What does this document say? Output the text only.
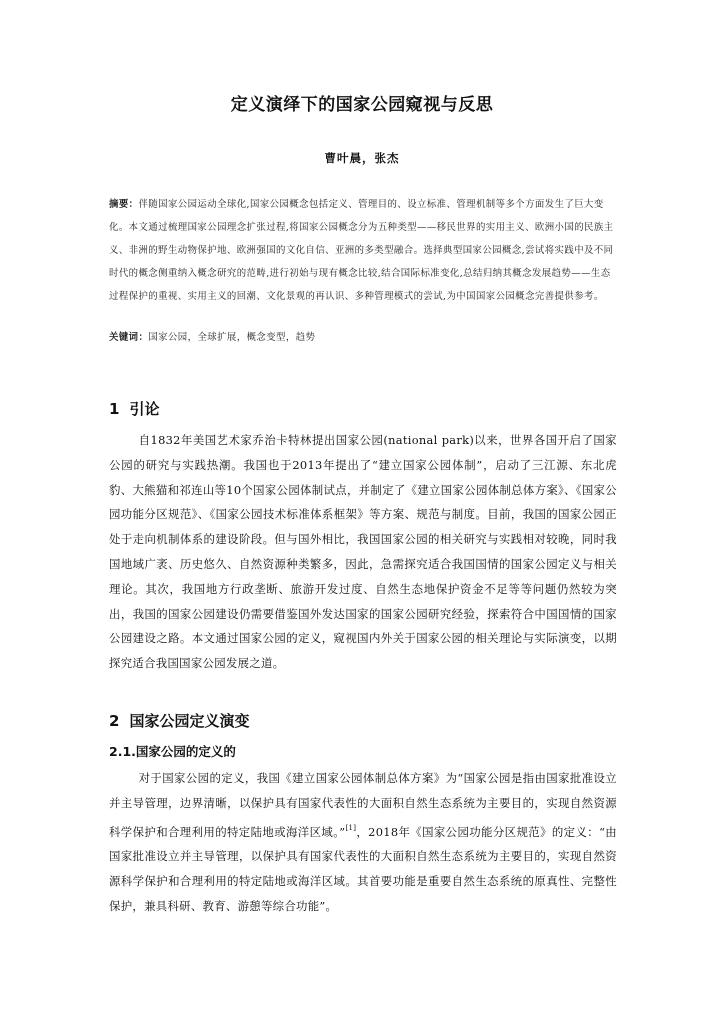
定义演绎下的国家公园窥视与反思
曹叶晨，张杰
摘要：伴随国家公园运动全球化,国家公园概念包括定义、管理目的、设立标准、管理机制等多个方面发生了巨大变化。本文通过梳理国家公园理念扩张过程,将国家公园概念分为五种类型——移民世界的实用主义、欧洲小国的民族主义、非洲的野生动物保护地、欧洲强国的文化自信、亚洲的多类型融合。选择典型国家公园概念,尝试将实践中及不同时代的概念侧重纳入概念研究的范畴,进行初始与现有概念比较,结合国际标准变化,总结归纳其概念发展趋势——生态过程保护的重视、实用主义的回潮、文化景观的再认识、多种管理模式的尝试,为中国国家公园概念完善提供参考。
关键词：国家公园，全球扩展，概念变型，趋势
1 引论

自1832年美国艺术家乔治卡特林提出国家公园(national park)以来，世界各国开启了国家公园的研究与实践热潮。我国也于2013年提出了“建立国家公园体制”，启动了三江源、东北虎豹、大熊猫和祁连山等10个国家公园体制试点，并制定了《建立国家公园体制总体方案》、《国家公园功能分区规范》、《国家公园技术标准体系框架》等方案、规范与制度。目前，我国的国家公园正处于走向机制体系的建设阶段。但与国外相比，我国国家公园的相关研究与实践相对较晚，同时我国地域广袤、历史悠久、自然资源种类繁多，因此，急需探究适合我国国情的国家公园定义与相关理论。其次，我国地方行政垄断、旅游开发过度、自然生态地保护资金不足等等问题仍然较为突出，我国的国家公园建设仍需要借鉴国外发达国家的国家公园研究经验，探索符合中国国情的国家公园建设之路。本文通过国家公园的定义，窥视国内外关于国家公园的相关理论与实际演变，以期探究适合我国国家公园发展之道。

2 国家公园定义演变
2.1.国家公园的定义的

对于国家公园的定义，我国《建立国家公园体制总体方案》为“国家公园是指由国家批准设立并主导管理，边界清晰，以保护具有国家代表性的大面积自然生态系统为主要目的，实现自然资源科学保护和合理利用的特定陆地或海洋区域。”[1]，2018年《国家公园功能分区规范》的定义：“由国家批准设立并主导管理，以保护具有国家代表性的大面积自然生态系统为主要目的，实现自然资源科学保护和合理利用的特定陆地或海洋区域。其首要功能是重要自然生态系统的原真性、完整性保护，兼具科研、教育、游憩等综合功能”。
